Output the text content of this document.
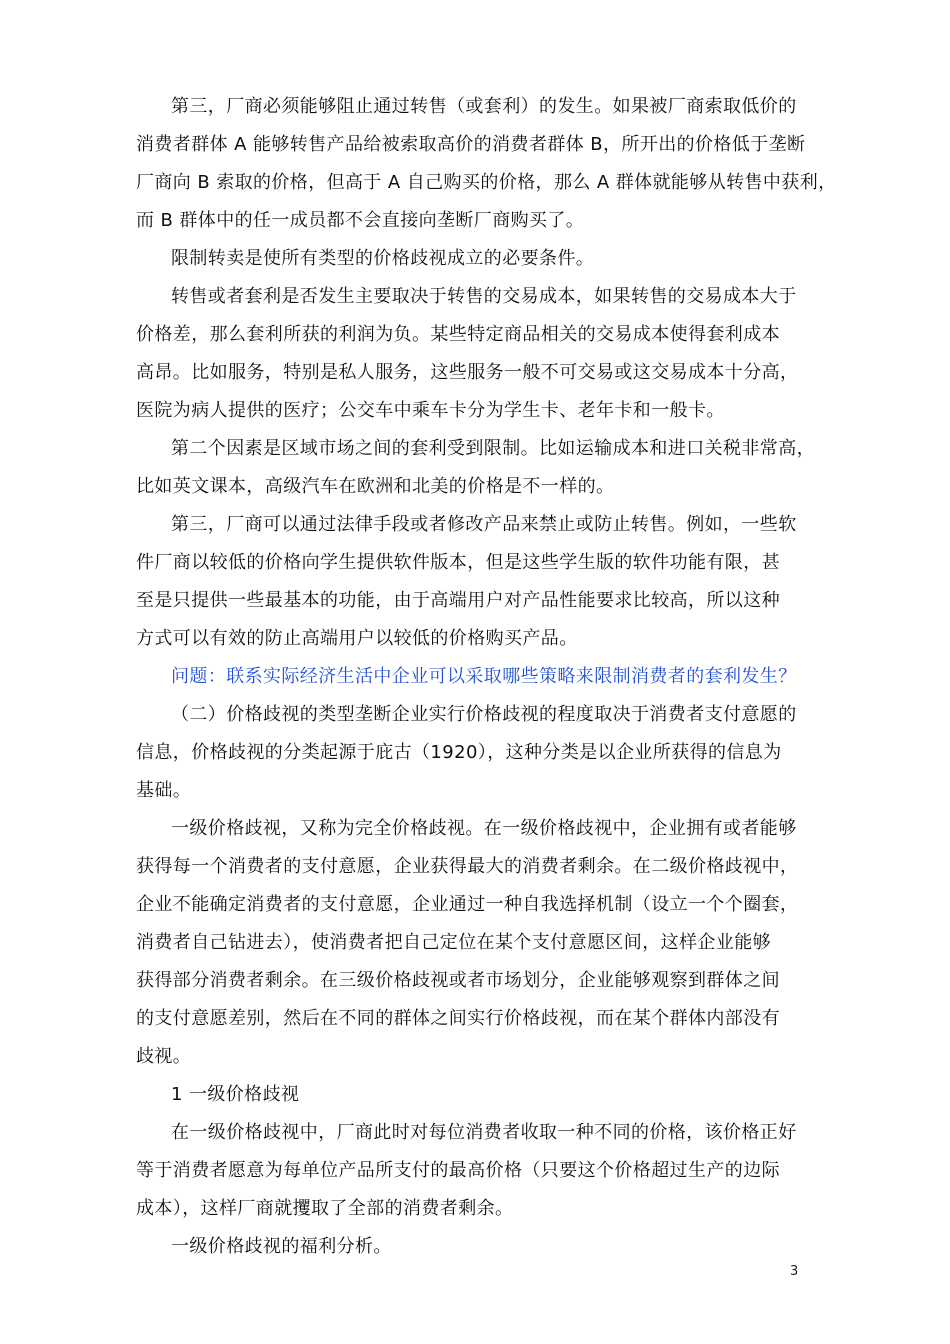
第三，厂商必须能够阻止通过转售（或套利）的发生。如果被厂商索取低价的
消费者群体 A 能够转售产品给被索取高价的消费者群体 B，所开出的价格低于垄断
厂商向 B 索取的价格，但高于 A 自己购买的价格，那么 A 群体就能够从转售中获利，
而 B 群体中的任一成员都不会直接向垄断厂商购买了。
限制转卖是使所有类型的价格歧视成立的必要条件。
转售或者套利是否发生主要取决于转售的交易成本，如果转售的交易成本大于
价格差，那么套利所获的利润为负。某些特定商品相关的交易成本使得套利成本
高昂。比如服务，特别是私人服务，这些服务一般不可交易或这交易成本十分高，
医院为病人提供的医疗；公交车中乘车卡分为学生卡、老年卡和一般卡。
第二个因素是区域市场之间的套利受到限制。比如运输成本和进口关税非常高，
比如英文课本，高级汽车在欧洲和北美的价格是不一样的。
第三，厂商可以通过法律手段或者修改产品来禁止或防止转售。例如，一些软
件厂商以较低的价格向学生提供软件版本，但是这些学生版的软件功能有限，甚
至是只提供一些最基本的功能，由于高端用户对产品性能要求比较高，所以这种
方式可以有效的防止高端用户以较低的价格购买产品。
问题：联系实际经济生活中企业可以采取哪些策略来限制消费者的套利发生？
（二）价格歧视的类型垄断企业实行价格歧视的程度取决于消费者支付意愿的
信息，价格歧视的分类起源于庇古（1920），这种分类是以企业所获得的信息为
基础。
一级价格歧视，又称为完全价格歧视。在一级价格歧视中，企业拥有或者能够
获得每一个消费者的支付意愿，企业获得最大的消费者剩余。在二级价格歧视中，
企业不能确定消费者的支付意愿，企业通过一种自我选择机制（设立一个个圈套，
消费者自己钻进去），使消费者把自己定位在某个支付意愿区间，这样企业能够
获得部分消费者剩余。在三级价格歧视或者市场划分，企业能够观察到群体之间
的支付意愿差别，然后在不同的群体之间实行价格歧视，而在某个群体内部没有
歧视。
1 一级价格歧视
在一级价格歧视中，厂商此时对每位消费者收取一种不同的价格，该价格正好
等于消费者愿意为每单位产品所支付的最高价格（只要这个价格超过生产的边际
成本），这样厂商就攫取了全部的消费者剩余。
一级价格歧视的福利分析。
3
